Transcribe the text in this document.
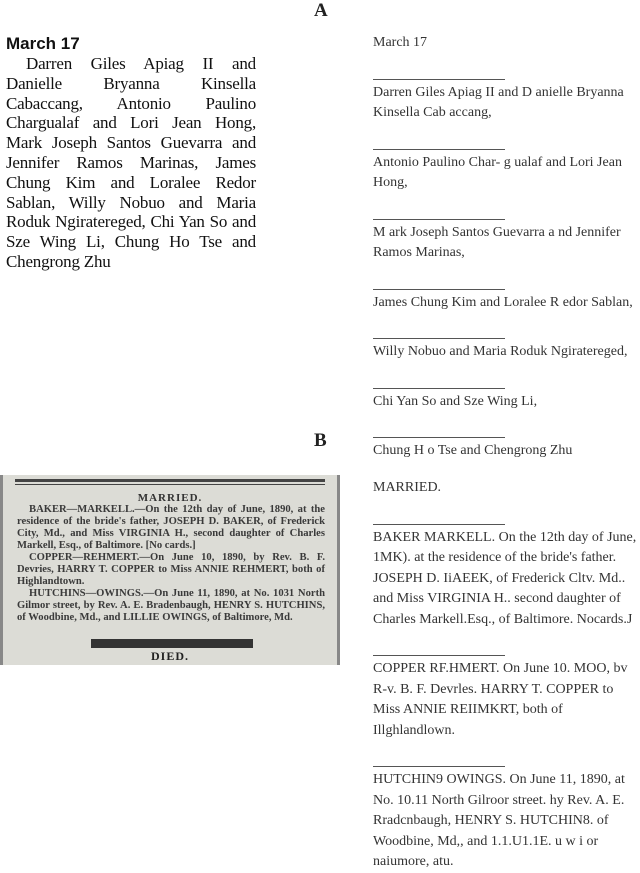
A
March 17

Darren Giles Apiag II and Danielle Bryanna Kinsella Cabaccang, Antonio Paulino Chargualaf and Lori Jean Hong, Mark Joseph Santos Guevarra and Jennifer Ramos Marinas, James Chung Kim and Loralee Redor Sablan, Willy Nobuo and Maria Roduk Ngiratereged, Chi Yan So and Sze Wing Li, Chung Ho Tse and Chengrong Zhu

March 17
Darren Giles Apiag II and D anielle Bryanna Kinsella Cab accang,
Antonio Paulino Char- g ualaf and Lori Jean Hong,
M ark Joseph Santos Guevarra a nd Jennifer Ramos Marinas,
James Chung Kim and Loralee R edor Sablan,
Willy Nobuo and Maria Roduk Ngiratereged,
Chi Yan So and Sze Wing Li,
Chung H o Tse and Chengrong Zhu
B
MARRIED.

BAKER—MARKELL.—On the 12th day of June, 1890, at the residence of the bride's father, JOSEPH D. BAKER, of Frederick City, Md., and Miss VIRGINIA H., second daughter of Charles Markell, Esq., of Baltimore. [No cards.]

COPPER—REHMERT.—On June 10, 1890, by Rev. B. F. Devries, HARRY T. COPPER to Miss ANNIE REHMERT, both of Highlandtown.

HUTCHINS—OWINGS.—On June 11, 1890, at No. 1031 North Gilmor street, by Rev. A. E. Bradenbaugh, HENRY S. HUTCHINS, of Woodbine, Md., and LILLIE OWINGS, of Baltimore, Md.

DIED.
MARRIED.
BAKER MARKELL. On the 12th day of June, 1MK). at the residence of the bride's father. JOSEPH D. IiAEEK, of Frederick Cltv. Md.. and Miss VIRGINIA H.. second daughter of Charles Markell.Esq., of Baltimore. Nocards.J
COPPER RF.HMERT. On June 10. MOO, bv R-v. B. F. Devrles. HARRY T. COPPER to Miss ANNIE REIIMKRT, both of Illghlandlown.
HUTCHIN9 OWINGS. On June 11, 1890, at No. 10.11 North Gilroor street. hy Rev. A. E. Rradcnbaugh, HENRY S. HUTCHIN8. of Woodbine, Md,, and 1.1.U1.1E. u w i or naiumore, atu.
